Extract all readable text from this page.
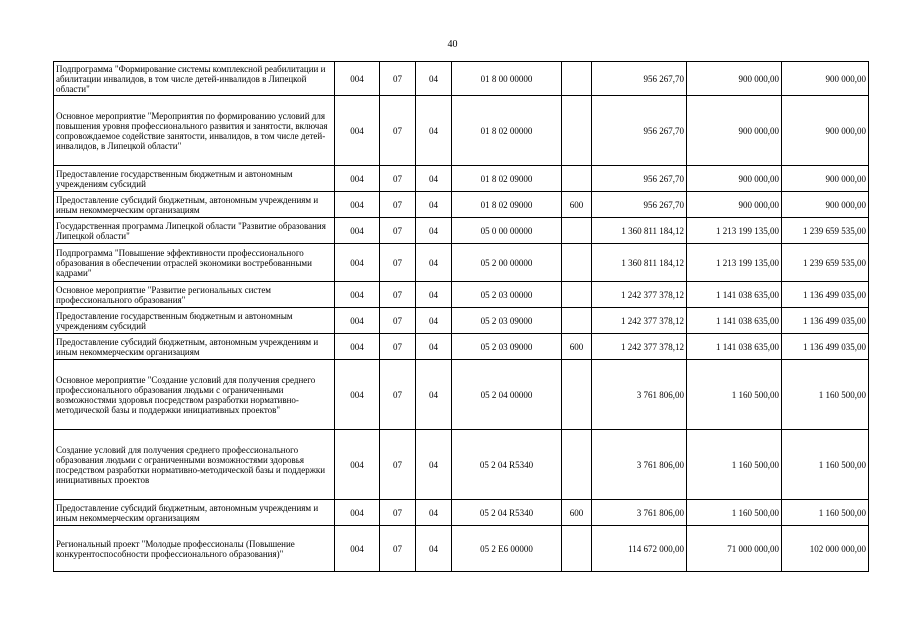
40
Подпрограмма "Формирование системы комплексной реабилитации и абилитации инвалидов, в том числе детей-инвалидов в Липецкой области"	004	07	04	01 8 00 00000		956 267,70	900 000,00	900 000,00
Основное мероприятие "Мероприятия по формированию условий для повышения уровня профессионального развития и занятости, включая сопровождаемое содействие занятости, инвалидов, в том числе детей-инвалидов, в Липецкой области"	004	07	04	01 8 02 00000		956 267,70	900 000,00	900 000,00
Предоставление государственным бюджетным и автономным учреждениям субсидий	004	07	04	01 8 02 09000		956 267,70	900 000,00	900 000,00
Предоставление субсидий бюджетным, автономным учреждениям и иным некоммерческим организациям	004	07	04	01 8 02 09000	600	956 267,70	900 000,00	900 000,00
Государственная программа Липецкой области "Развитие образования Липецкой области"	004	07	04	05 0 00 00000		1 360 811 184,12	1 213 199 135,00	1 239 659 535,00
Подпрограмма "Повышение эффективности профессионального образования в обеспечении отраслей экономики востребованными кадрами"	004	07	04	05 2 00 00000		1 360 811 184,12	1 213 199 135,00	1 239 659 535,00
Основное мероприятие "Развитие региональных систем профессионального образования"	004	07	04	05 2 03 00000		1 242 377 378,12	1 141 038 635,00	1 136 499 035,00
Предоставление государственным бюджетным и автономным учреждениям субсидий	004	07	04	05 2 03 09000		1 242 377 378,12	1 141 038 635,00	1 136 499 035,00
Предоставление субсидий бюджетным, автономным учреждениям и иным некоммерческим организациям	004	07	04	05 2 03 09000	600	1 242 377 378,12	1 141 038 635,00	1 136 499 035,00
Основное мероприятие "Создание условий для получения среднего профессионального образования людьми с ограниченными возможностями здоровья посредством разработки нормативно-методической базы и поддержки инициативных проектов"	004	07	04	05 2 04 00000		3 761 806,00	1 160 500,00	1 160 500,00
Создание условий для получения среднего профессионального образования людьми с ограниченными возможностями здоровья посредством разработки нормативно-методической базы и поддержки инициативных проектов	004	07	04	05 2 04 R5340		3 761 806,00	1 160 500,00	1 160 500,00
Предоставление субсидий бюджетным, автономным учреждениям и иным некоммерческим организациям	004	07	04	05 2 04 R5340	600	3 761 806,00	1 160 500,00	1 160 500,00
Региональный проект "Молодые профессионалы (Повышение конкурентоспособности профессионального образования)"	004	07	04	05 2 E6 00000		114 672 000,00	71 000 000,00	102 000 000,00
